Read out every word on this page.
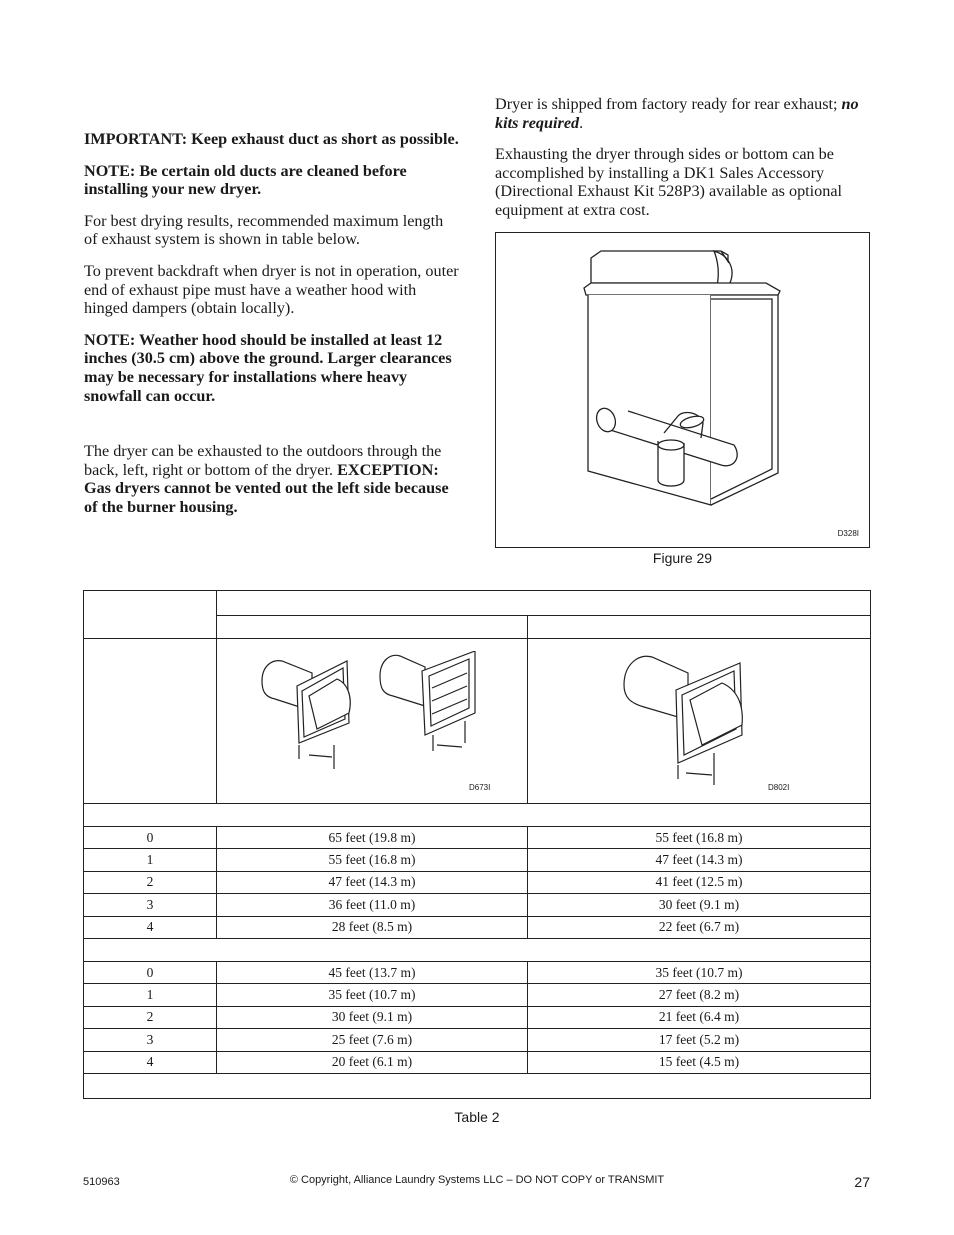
IMPORTANT: Keep exhaust duct as short as possible.

NOTE: Be certain old ducts are cleaned before installing your new dryer.

For best drying results, recommended maximum length of exhaust system is shown in table below.

To prevent backdraft when dryer is not in operation, outer end of exhaust pipe must have a weather hood with hinged dampers (obtain locally).

NOTE: Weather hood should be installed at least 12 inches (30.5 cm) above the ground. Larger clearances may be necessary for installations where heavy snowfall can occur.

The dryer can be exhausted to the outdoors through the back, left, right or bottom of the dryer. EXCEPTION: Gas dryers cannot be vented out the left side because of the burner housing.

Dryer is shipped from factory ready for rear exhaust; no kits required.

Exhausting the dryer through sides or bottom can be accomplished by installing a DK1 Sales Accessory (Directional Exhaust Kit 528P3) available as optional equipment at extra cost.

D328I
Figure 29

	D673I	D802I

0	65 feet (19.8 m)	55 feet (16.8 m)
1	55 feet (16.8 m)	47 feet (14.3 m)
2	47 feet (14.3 m)	41 feet (12.5 m)
3	36 feet (11.0 m)	30 feet (9.1 m)
4	28 feet (8.5 m)	22 feet (6.7 m)

0	45 feet (13.7 m)	35 feet (10.7 m)
1	35 feet (10.7 m)	27 feet (8.2 m)
2	30 feet (9.1 m)	21 feet (6.4 m)
3	25 feet (7.6 m)	17 feet (5.2 m)
4	20 feet (6.1 m)	15 feet (4.5 m)

Table 2
510963	© Copyright, Alliance Laundry Systems LLC – DO NOT COPY or TRANSMIT	27
